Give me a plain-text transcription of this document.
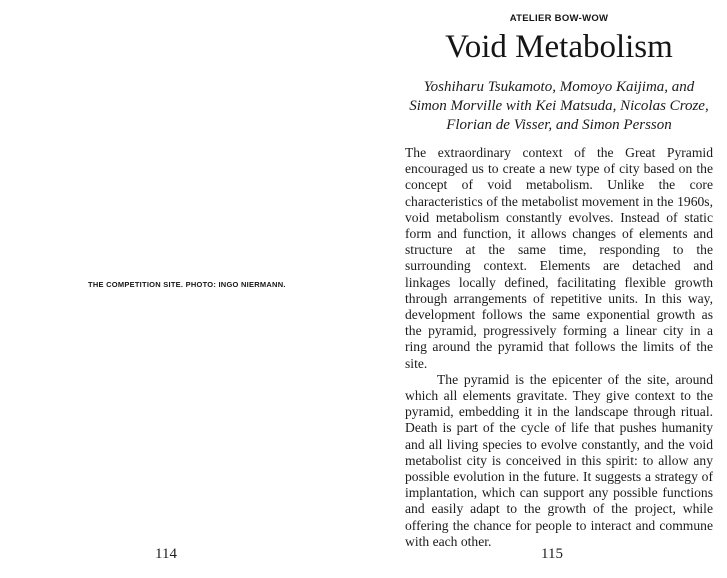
THE COMPETITION SITE. PHOTO: INGO NIERMANN.
114
ATELIER BOW-WOW
Void Metabolism
Yoshiharu Tsukamoto, Momoyo Kaijima, and
Simon Morville with Kei Matsuda, Nicolas Croze,
Florian de Visser, and Simon Persson

The extraordinary context of the Great Pyramid encouraged us to create a new type of city based on the concept of void metabolism. Unlike the core characteristics of the metabolist movement in the 1960s, void metabolism constantly evolves. Instead of static form and function, it allows changes of elements and structure at the same time, responding to the surrounding context. Elements are detached and linkages locally defined, facilitating flexible growth through arrangements of repetitive units. In this way, development follows the same exponential growth as the pyramid, progressively forming a linear city in a ring around the pyramid that follows the limits of the site.

The pyramid is the epicenter of the site, around which all elements gravitate. They give context to the pyramid, embedding it in the landscape through ritual. Death is part of the cycle of life that pushes humanity and all living species to evolve constantly, and the void metabolist city is conceived in this spirit: to allow any possible evolution in the future. It suggests a strategy of implantation, which can support any possible functions and easily adapt to the growth of the project, while offering the chance for people to interact and commune with each other.

115
